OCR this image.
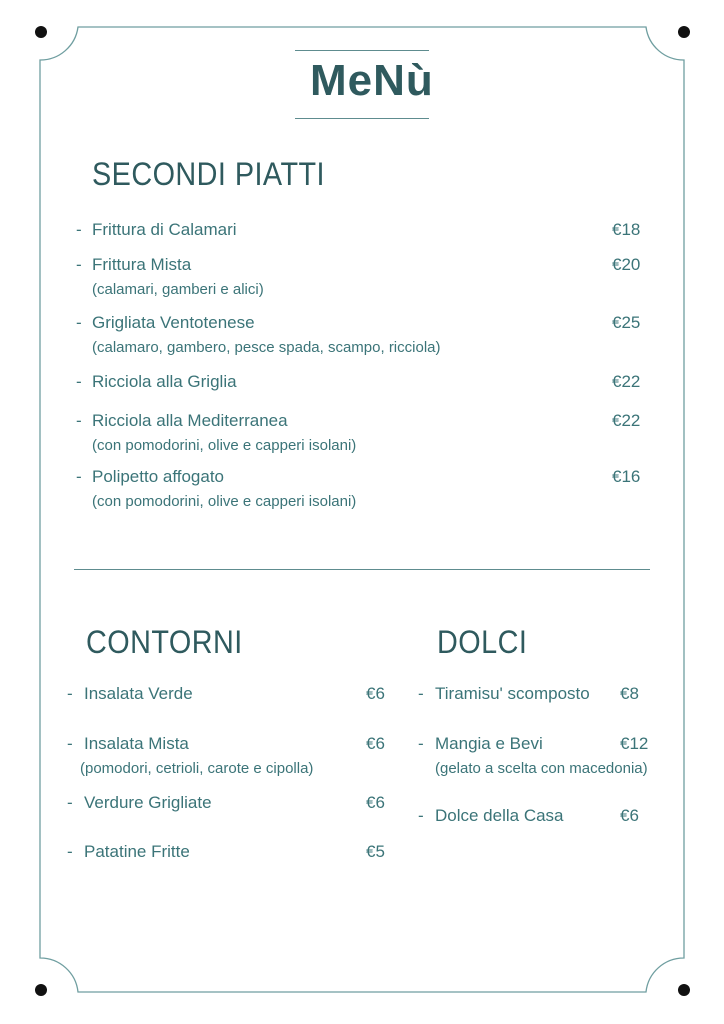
MeNù
SECONDI PIATTI
- Frittura di Calamari	€18
- Frittura Mista	€20
(calamari, gamberi e alici)
- Grigliata Ventotenese	€25
(calamaro, gambero, pesce spada, scampo, ricciola)
- Ricciola alla Griglia	€22
- Ricciola alla Mediterranea	€22
(con pomodorini, olive e capperi isolani)
- Polipetto affogato	€16
(con pomodorini, olive e capperi isolani)
CONTORNI
- Insalata Verde	€6
- Insalata Mista	€6
(pomodori, cetrioli, carote e cipolla)
- Verdure Grigliate	€6
- Patatine Fritte	€5
DOLCI
- Tiramisu' scomposto €8
- Mangia e Bevi	€12
(gelato a scelta con macedonia)
- Dolce della Casa	€6
